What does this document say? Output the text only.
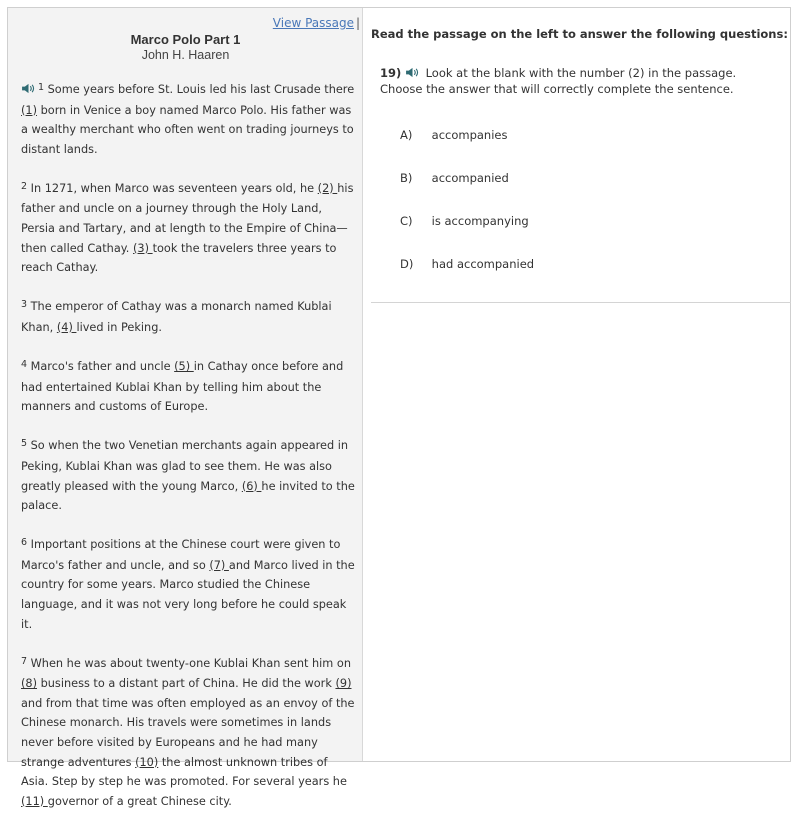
View Passage |
Marco Polo Part 1
John H. Haaren

$^1$ Some years before St. Louis led his last Crusade there (1) born in Venice a boy named Marco Polo. His father was a wealthy merchant who often went on trading journeys to distant lands.

$^2$ In 1271, when Marco was seventeen years old, he (2) his father and uncle on a journey through the Holy Land, Persia and Tartary, and at length to the Empire of China—then called Cathay. (3) took the travelers three years to reach Cathay.

$^3$ The emperor of Cathay was a monarch named Kublai Khan, (4) lived in Peking.

$^4$ Marco's father and uncle (5) in Cathay once before and had entertained Kublai Khan by telling him about the manners and customs of Europe.

$^5$ So when the two Venetian merchants again appeared in Peking, Kublai Khan was glad to see them. He was also greatly pleased with the young Marco, (6) he invited to the palace.

$^6$ Important positions at the Chinese court were given to Marco's father and uncle, and so (7) and Marco lived in the country for some years. Marco studied the Chinese language, and it was not very long before he could speak it.

$^7$ When he was about twenty-one Kublai Khan sent him on (8) business to a distant part of China. He did the work (9) and from that time was often employed as an envoy of the Chinese monarch. His travels were sometimes in lands never before visited by Europeans and he had many strange adventures (10) the almost unknown tribes of Asia. Step by step he was promoted. For several years he (11) governor of a great Chinese city.

Read the passage on the left to answer the following questions:
19) Look at the blank with the number (2) in the passage. Choose the answer that will correctly complete the sentence.
A) accompanies
B) accompanied
C) is accompanying
D) had accompanied
